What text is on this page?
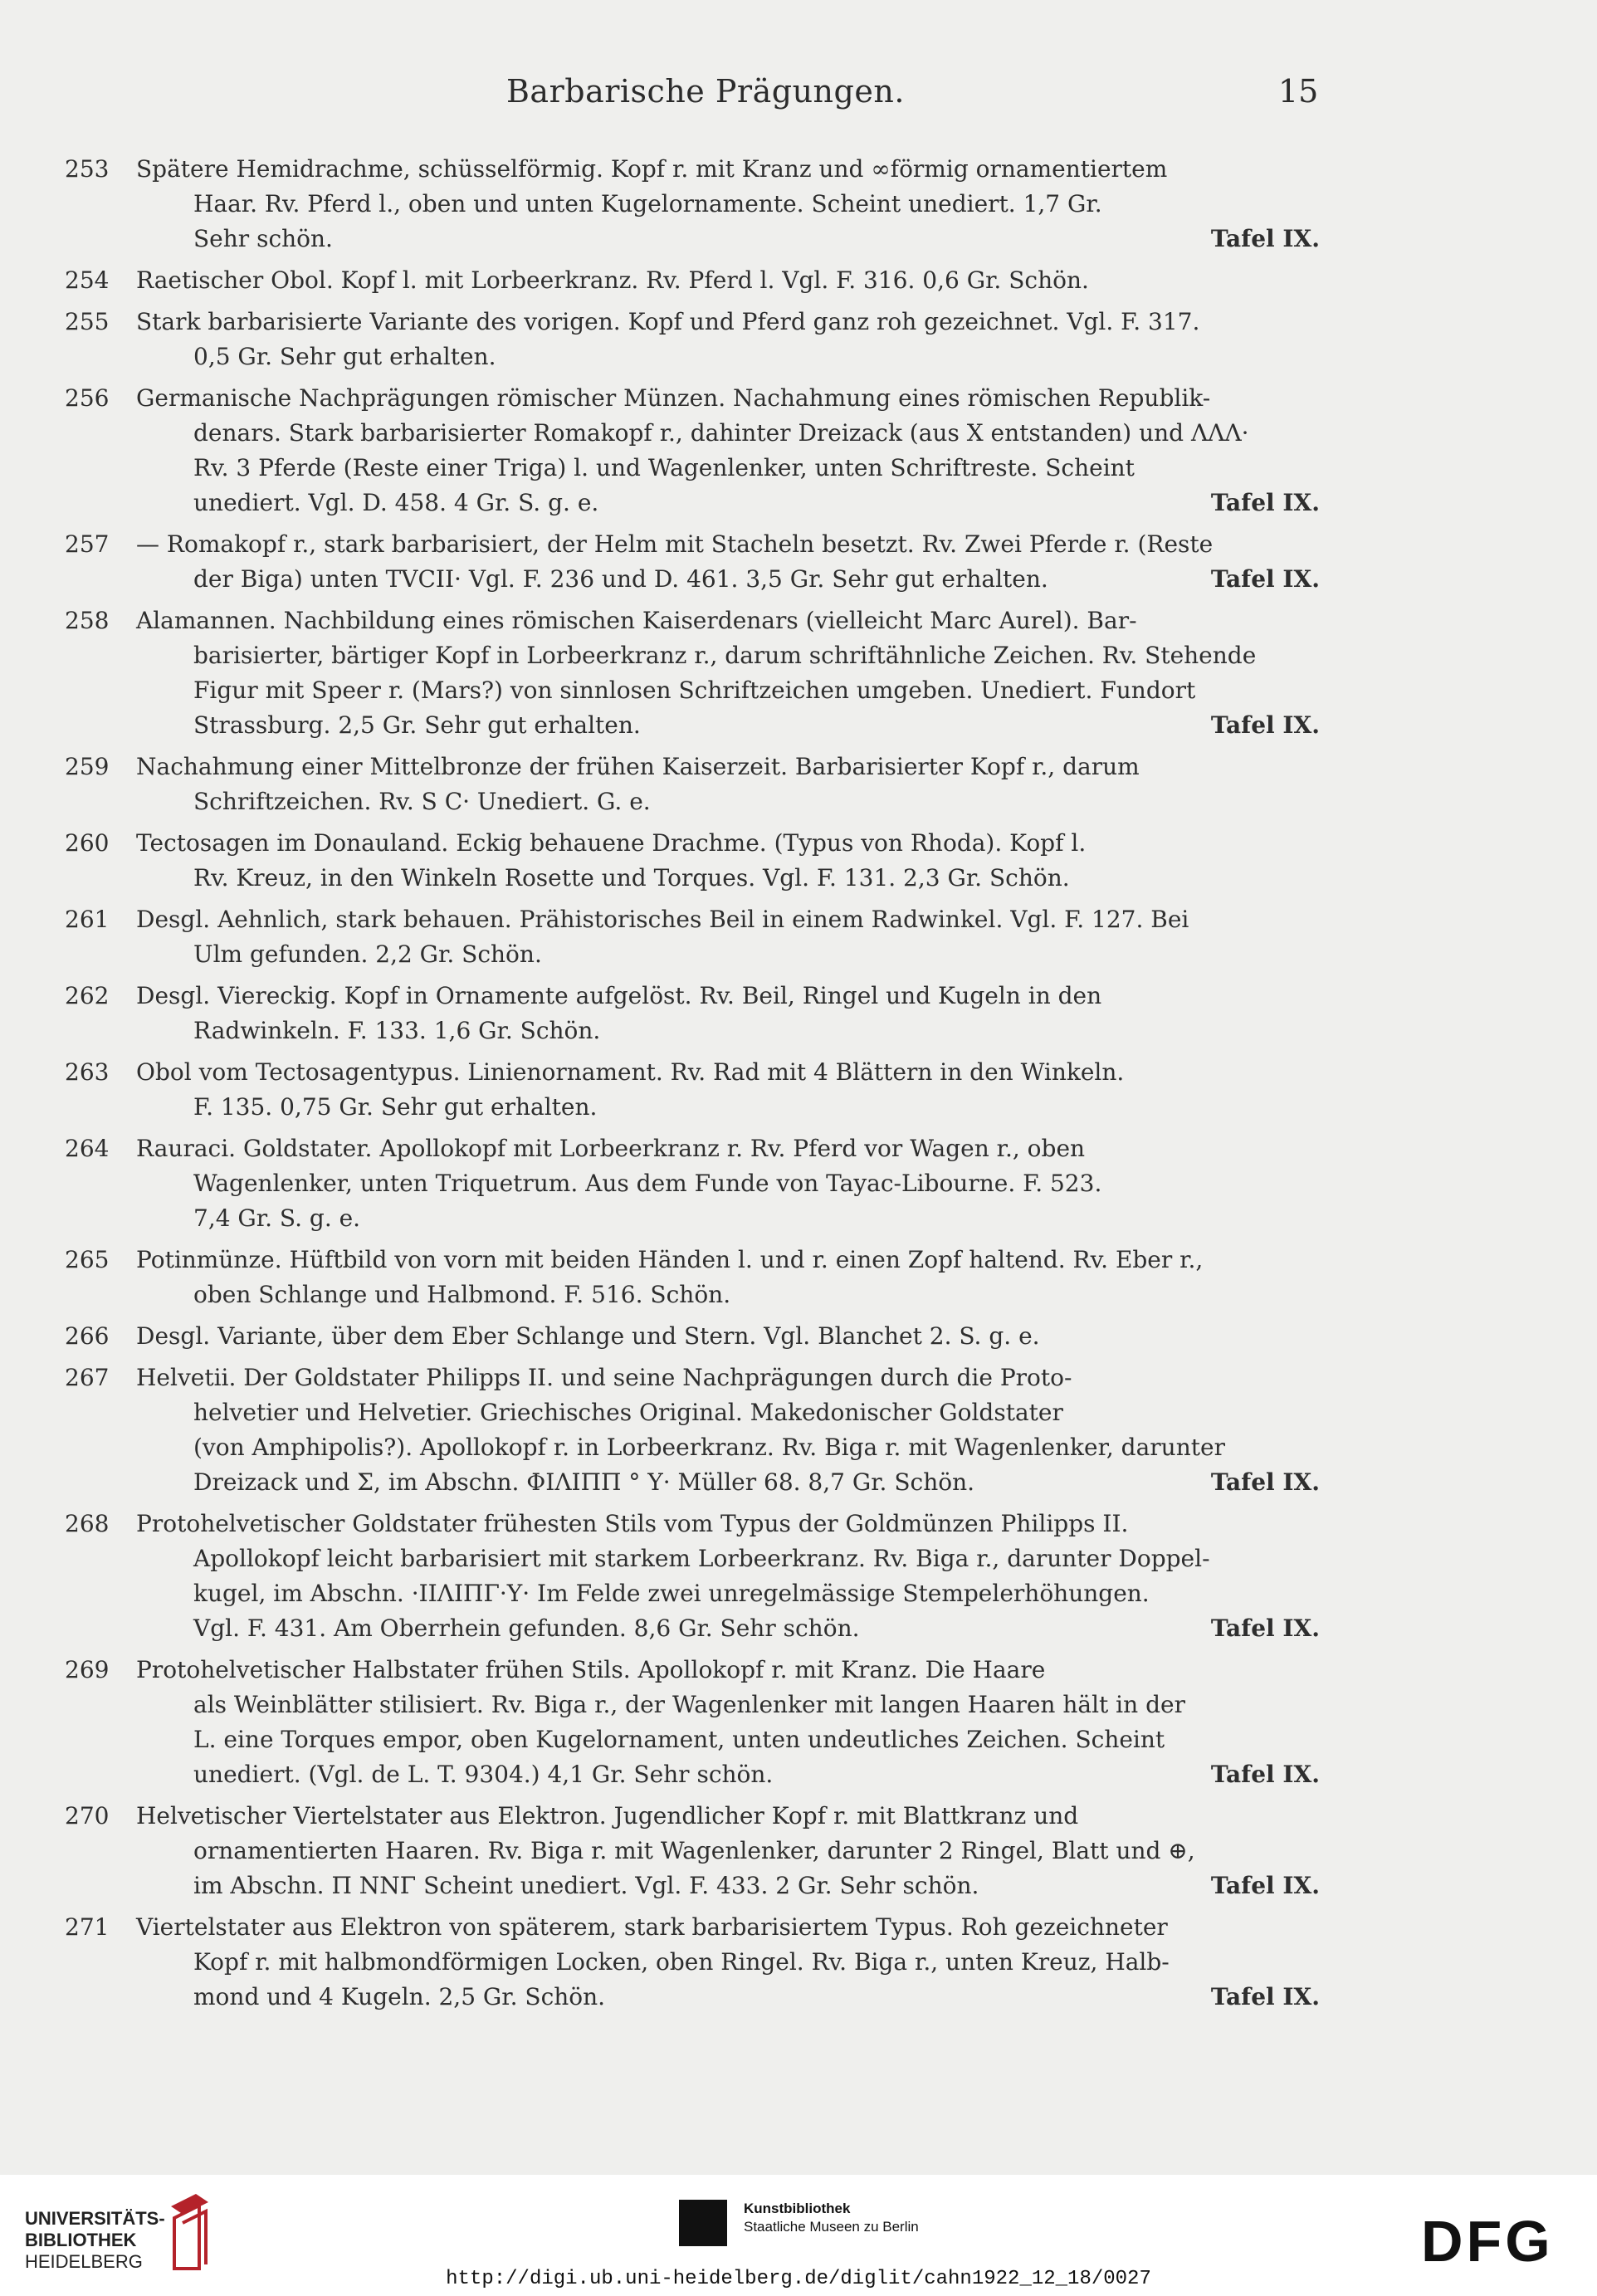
Barbarische Prägungen.	15
253	Spätere Hemidrachme, schüsselförmig. Kopf r. mit Kranz und ∞förmig ornamentiertem
Haar. Rv. Pferd l., oben und unten Kugelornamente. Scheint unediert. 1,7 Gr.
Sehr schön.	Tafel IX.
254	Raetischer Obol. Kopf l. mit Lorbeerkranz. Rv. Pferd l. Vgl. F. 316. 0,6 Gr. Schön.
255	Stark barbarisierte Variante des vorigen. Kopf und Pferd ganz roh gezeichnet. Vgl. F. 317.
0,5 Gr. Sehr gut erhalten.
256	Germanische Nachprägungen römischer Münzen. Nachahmung eines römischen Republik-
denars. Stark barbarisierter Romakopf r., dahinter Dreizack (aus X entstanden) und ΛΛΛ·
Rv. 3 Pferde (Reste einer Triga) l. und Wagenlenker, unten Schriftreste. Scheint
unediert. Vgl. D. 458. 4 Gr. S. g. e.	Tafel IX.
257	— Romakopf r., stark barbarisiert, der Helm mit Stacheln besetzt. Rv. Zwei Pferde r. (Reste
der Biga) unten TVCII· Vgl. F. 236 und D. 461. 3,5 Gr. Sehr gut erhalten.	Tafel IX.
258	Alamannen. Nachbildung eines römischen Kaiserdenars (vielleicht Marc Aurel). Bar-
barisierter, bärtiger Kopf in Lorbeerkranz r., darum schriftähnliche Zeichen. Rv. Stehende
Figur mit Speer r. (Mars?) von sinnlosen Schriftzeichen umgeben. Unediert. Fundort
Strassburg. 2,5 Gr. Sehr gut erhalten.	Tafel IX.
259	Nachahmung einer Mittelbronze der frühen Kaiserzeit. Barbarisierter Kopf r., darum
Schriftzeichen. Rv. S C· Unediert. G. e.
260	Tectosagen im Donauland. Eckig behauene Drachme. (Typus von Rhoda). Kopf l.
Rv. Kreuz, in den Winkeln Rosette und Torques. Vgl. F. 131. 2,3 Gr. Schön.
261	Desgl. Aehnlich, stark behauen. Prähistorisches Beil in einem Radwinkel. Vgl. F. 127. Bei
Ulm gefunden. 2,2 Gr. Schön.
262	Desgl. Viereckig. Kopf in Ornamente aufgelöst. Rv. Beil, Ringel und Kugeln in den
Radwinkeln. F. 133. 1,6 Gr. Schön.
263	Obol vom Tectosagentypus. Linienornament. Rv. Rad mit 4 Blättern in den Winkeln.
F. 135. 0,75 Gr. Sehr gut erhalten.
264	Rauraci. Goldstater. Apollokopf mit Lorbeerkranz r. Rv. Pferd vor Wagen r., oben
Wagenlenker, unten Triquetrum. Aus dem Funde von Tayac-Libourne. F. 523.
7,4 Gr. S. g. e.
265	Potinmünze. Hüftbild von vorn mit beiden Händen l. und r. einen Zopf haltend. Rv. Eber r.,
oben Schlange und Halbmond. F. 516. Schön.
266	Desgl. Variante, über dem Eber Schlange und Stern. Vgl. Blanchet 2. S. g. e.
267	Helvetii. Der Goldstater Philipps II. und seine Nachprägungen durch die Proto-
helvetier und Helvetier. Griechisches Original. Makedonischer Goldstater
(von Amphipolis?). Apollokopf r. in Lorbeerkranz. Rv. Biga r. mit Wagenlenker, darunter
Dreizack und Σ, im Abschn. ΦΙΛΙΠΠ ° Υ· Müller 68. 8,7 Gr. Schön.	Tafel IX.
268	Protohelvetischer Goldstater frühesten Stils vom Typus der Goldmünzen Philipps II.
Apollokopf leicht barbarisiert mit starkem Lorbeerkranz. Rv. Biga r., darunter Doppel-
kugel, im Abschn. ·ΙΙΛΙΠΓ·Υ· Im Felde zwei unregelmässige Stempelerhöhungen.
Vgl. F. 431. Am Oberrhein gefunden. 8,6 Gr. Sehr schön.	Tafel IX.
269	Protohelvetischer Halbstater frühen Stils. Apollokopf r. mit Kranz. Die Haare
als Weinblätter stilisiert. Rv. Biga r., der Wagenlenker mit langen Haaren hält in der
L. eine Torques empor, oben Kugelornament, unten undeutliches Zeichen. Scheint
unediert. (Vgl. de L. T. 9304.) 4,1 Gr. Sehr schön.	Tafel IX.
270	Helvetischer Viertelstater aus Elektron. Jugendlicher Kopf r. mit Blattkranz und
ornamentierten Haaren. Rv. Biga r. mit Wagenlenker, darunter 2 Ringel, Blatt und ⊕,
im Abschn. Π ΝΝΓ Scheint unediert. Vgl. F. 433. 2 Gr. Sehr schön.	Tafel IX.
271	Viertelstater aus Elektron von späterem, stark barbarisiertem Typus. Roh gezeichneter
Kopf r. mit halbmondförmigen Locken, oben Ringel. Rv. Biga r., unten Kreuz, Halb-
mond und 4 Kugeln. 2,5 Gr. Schön.	Tafel IX.
UNIVERSITÄTS-
BIBLIOTHEK
HEIDELBERG
Kunstbibliothek
Staatliche Museen zu Berlin	DFG
http://digi.ub.uni-heidelberg.de/diglit/cahn1922_12_18/0027
